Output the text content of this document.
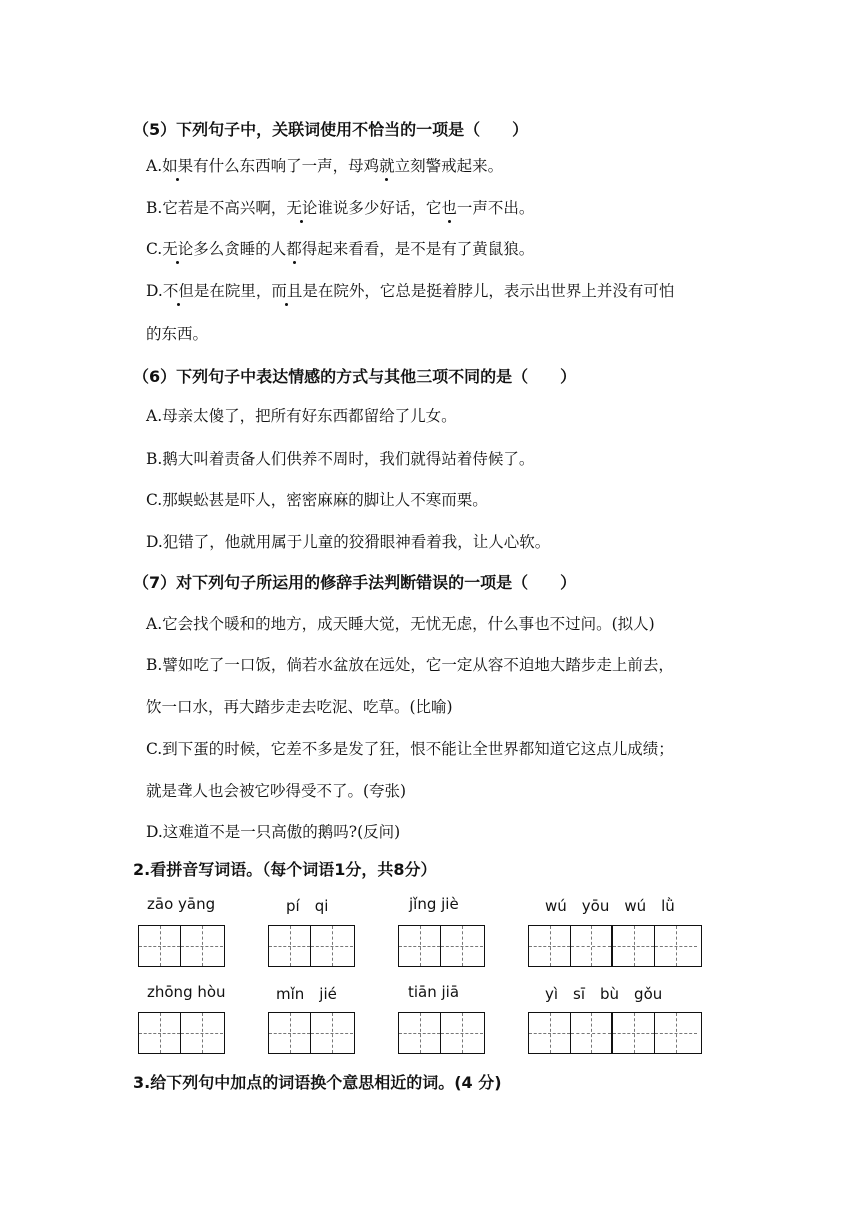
（5）下列句子中，关联词使用不恰当的一项是（　　）
A.如果有什么东西响了一声，母鸡就立刻警戒起来。
B.它若是不高兴啊，无论谁说多少好话，它也一声不出。
C.无论多么贪睡的人都得起来看看，是不是有了黄鼠狼。
D.不但是在院里，而且是在院外，它总是挺着脖儿，表示出世界上并没有可怕
的东西。
（6）下列句子中表达情感的方式与其他三项不同的是（　　）
A.母亲太傻了，把所有好东西都留给了儿女。
B.鹅大叫着责备人们供养不周时，我们就得站着侍候了。
C.那蜈蚣甚是吓人，密密麻麻的脚让人不寒而栗。
D.犯错了，他就用属于儿童的狡猾眼神看着我，让人心软。
（7）对下列句子所运用的修辞手法判断错误的一项是（　　）
A.它会找个暖和的地方，成天睡大觉，无忧无虑，什么事也不过问。(拟人)
B.譬如吃了一口饭，倘若水盆放在远处，它一定从容不迫地大踏步走上前去，
饮一口水，再大踏步走去吃泥、吃草。(比喻)
C.到下蛋的时候，它差不多是发了狂，恨不能让全世界都知道它这点儿成绩；
就是聋人也会被它吵得受不了。(夸张)
D.这难道不是一只高傲的鹅吗?(反问)
2.看拼音写词语。（每个词语1分，共8分）
zāo yāng	pí　qi	jǐng jiè	wú　yōu　wú　lǜ
zhōng hòu	mǐn　jié	tiān jiā	yì　sī　bù　gǒu
3.给下列句中加点的词语换个意思相近的词。(4 分)
